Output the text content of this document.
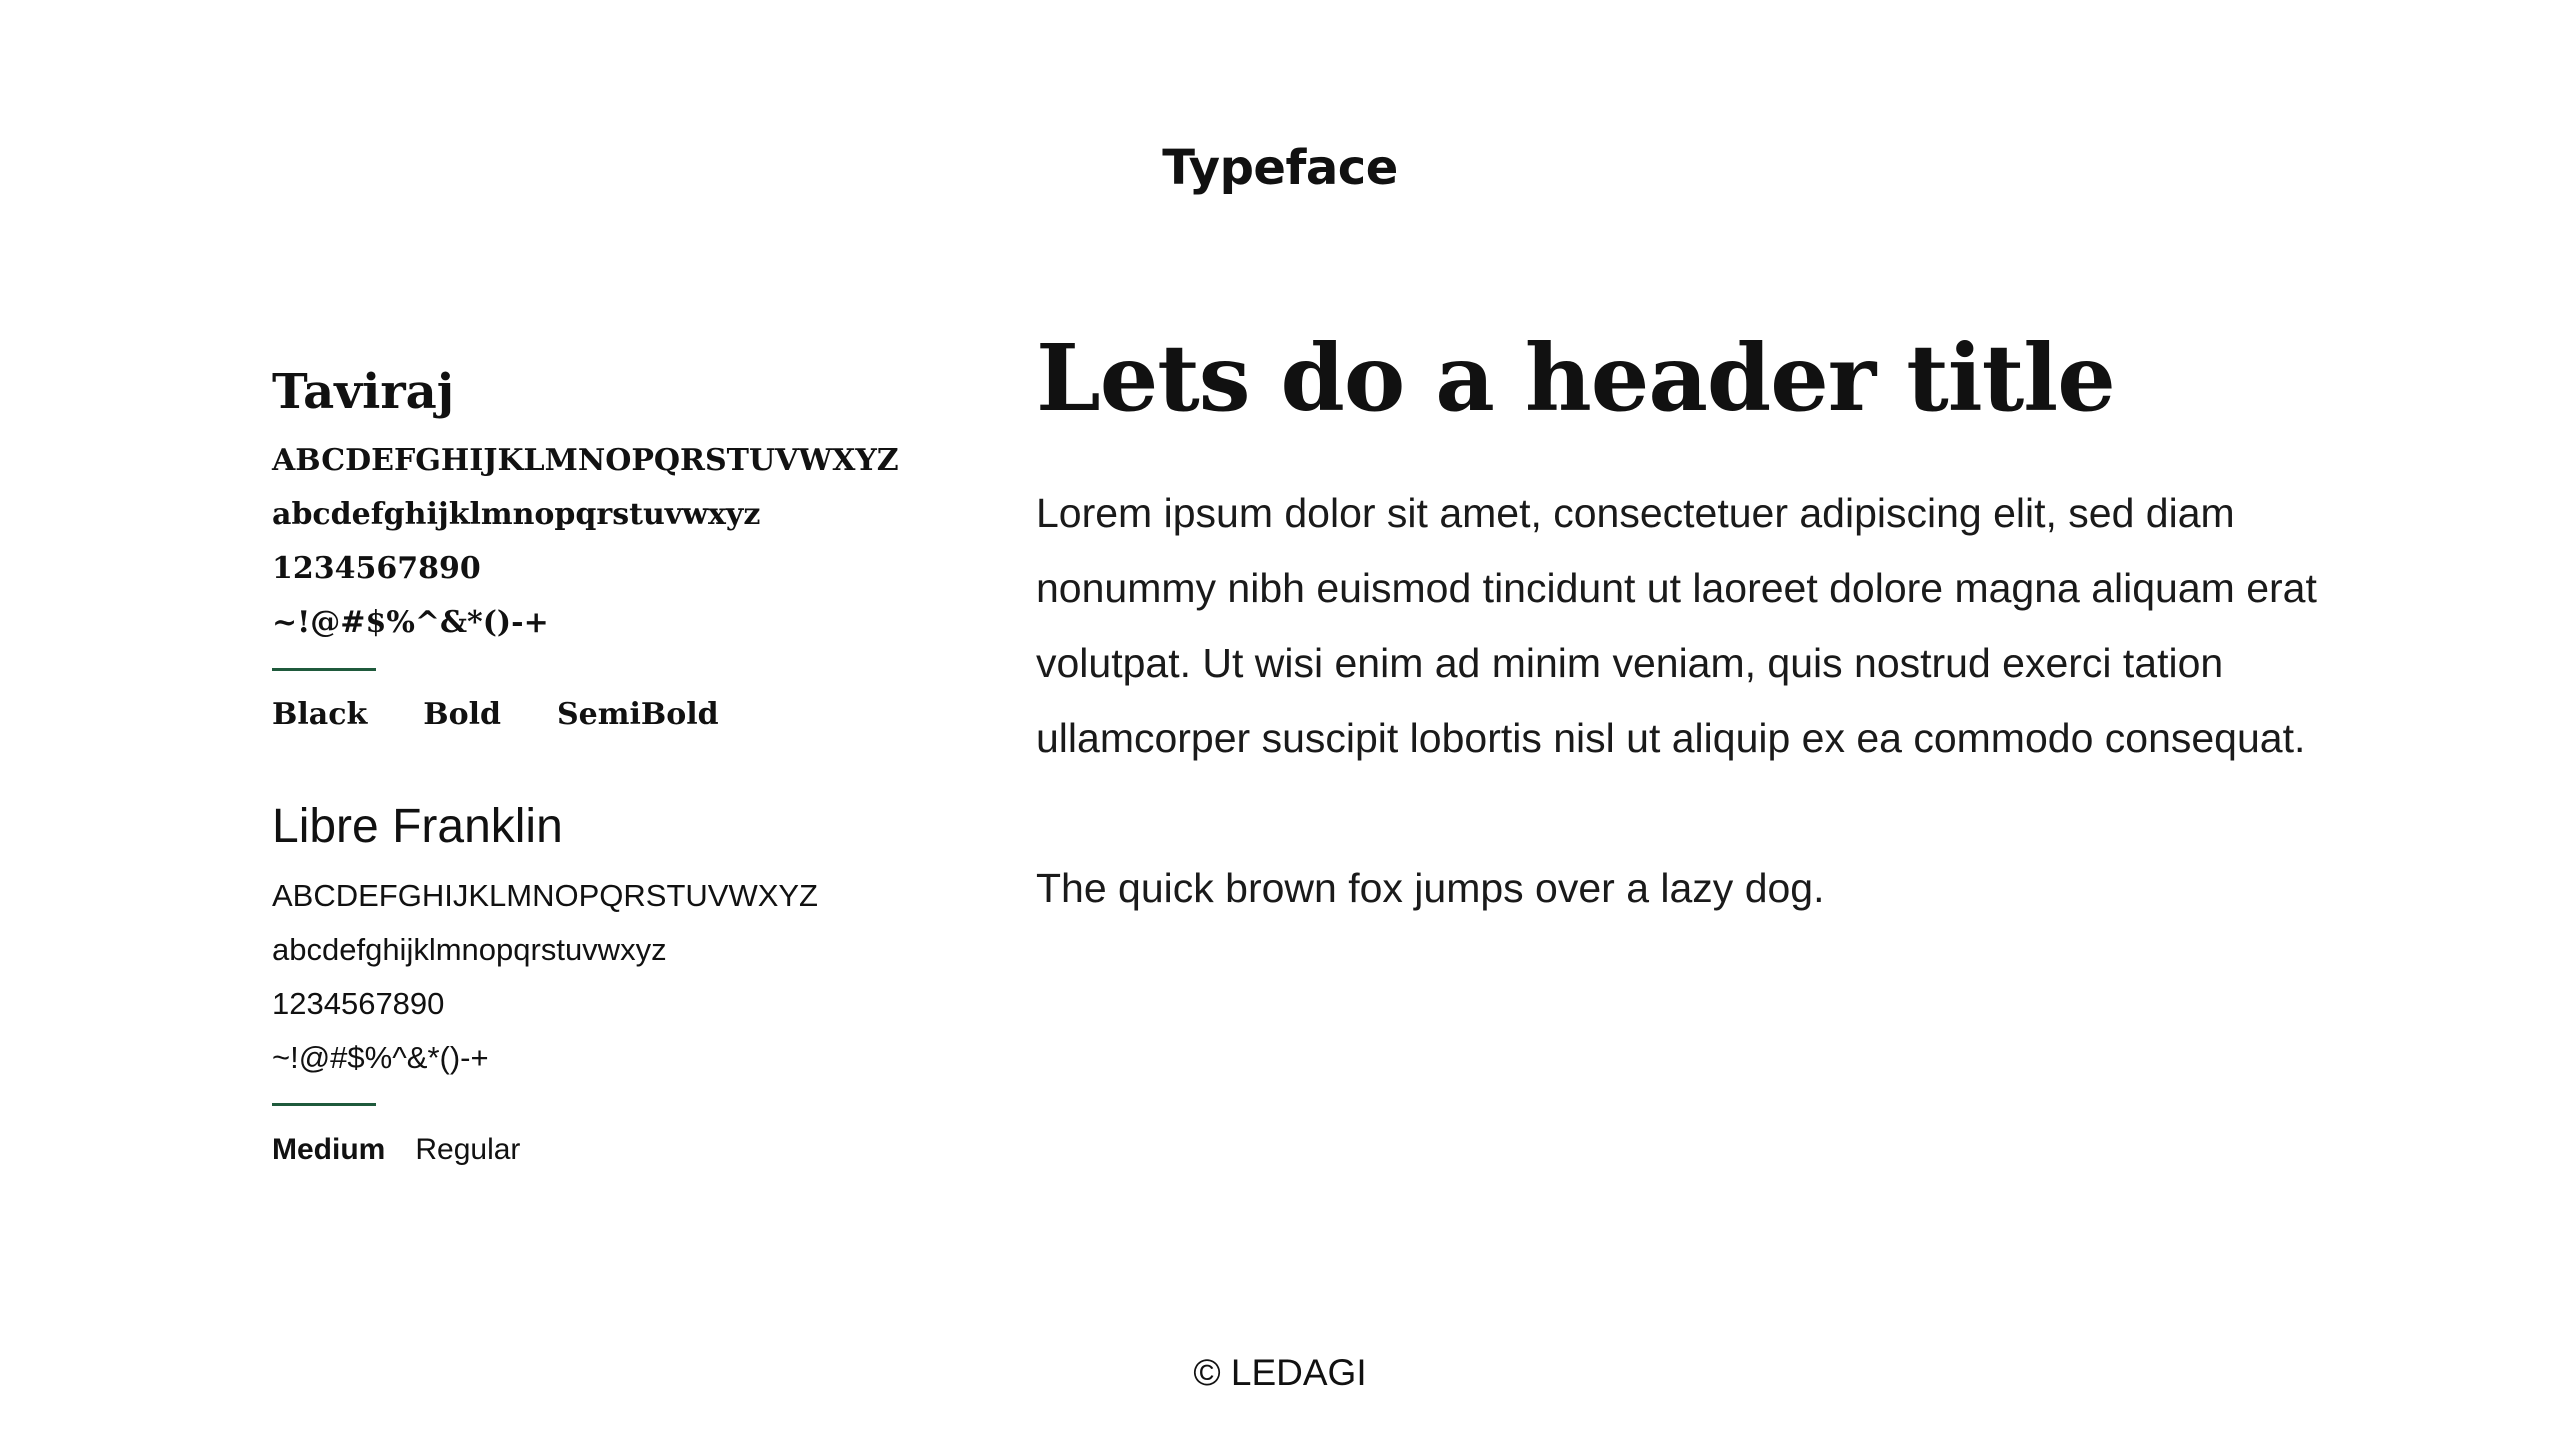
Typeface
Taviraj
ABCDEFGHIJKLMNOPQRSTUVWXYZ
abcdefghijklmnopqrstuvwxyz
1234567890
~!@#$%^&*()-+
Black Bold SemiBold
Libre Franklin
ABCDEFGHIJKLMNOPQRSTUVWXYZ
abcdefghijklmnopqrstuvwxyz
1234567890
~!@#$%^&*()-+
Medium Regular
Lets do a header title
Lorem ipsum dolor sit amet, consectetuer adipiscing elit, sed diam nonummy nibh euismod tincidunt ut laoreet dolore magna aliquam erat volutpat. Ut wisi enim ad minim veniam, quis nostrud exerci tation ullamcorper suscipit lobortis nisl ut aliquip ex ea commodo consequat.
The quick brown fox jumps over a lazy dog.
© LEDAGI
